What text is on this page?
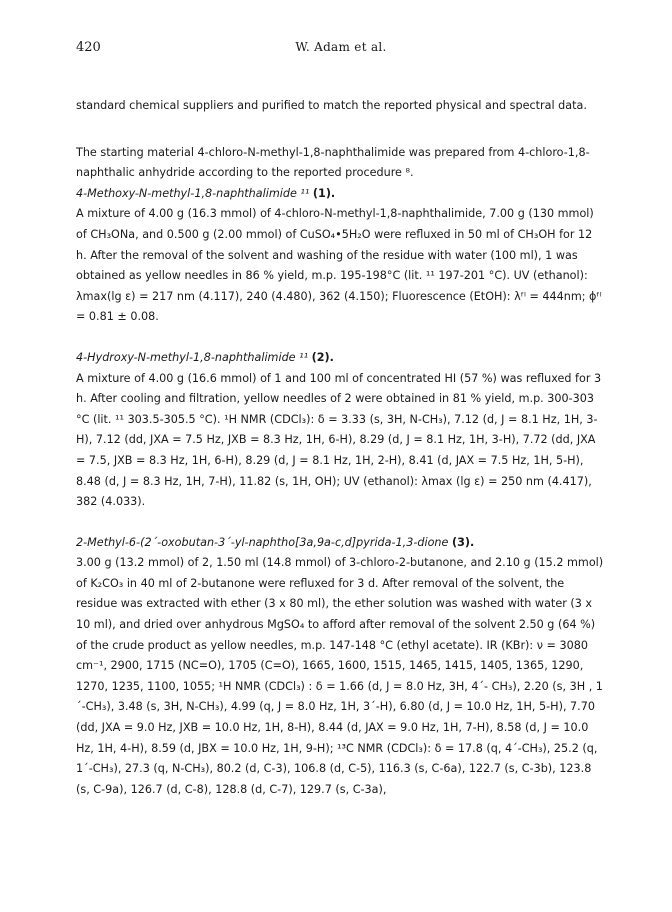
420	W. Adam et al.

standard chemical suppliers and purified to match the reported physical and spectral data.

The starting material 4-chloro-N-methyl-1,8-naphthalimide was prepared from 4-chloro-1,8-naphthalic anhydride according to the reported procedure ⁸.

4-Methoxy-N-methyl-1,8-naphthalimide ¹¹ (1).

A mixture of 4.00 g (16.3 mmol) of 4-chloro-N-methyl-1,8-naphthalimide, 7.00 g (130 mmol) of CH₃ONa, and 0.500 g (2.00 mmol) of CuSO₄•5H₂O were refluxed in 50 ml of CH₃OH for 12 h. After the removal of the solvent and washing of the residue with water (100 ml), 1 was obtained as yellow needles in 86 % yield, m.p. 195-198°C (lit. ¹¹ 197-201 °C). UV (ethanol): λmax(lg ε) = 217 nm (4.117), 240 (4.480), 362 (4.150); Fluorescence (EtOH): λᶠˡ = 444nm; ϕᶠˡ = 0.81 ± 0.08.

4-Hydroxy-N-methyl-1,8-naphthalimide ¹¹ (2).

A mixture of 4.00 g (16.6 mmol) of 1 and 100 ml of concentrated HI (57 %) was refluxed for 3 h. After cooling and filtration, yellow needles of 2 were obtained in 81 % yield, m.p. 300-303 °C (lit. ¹¹ 303.5-305.5 °C). ¹H NMR (CDCl₃): δ = 3.33 (s, 3H, N-CH₃), 7.12 (d, J = 8.1 Hz, 1H, 3-H), 7.12 (dd, JXA = 7.5 Hz, JXB = 8.3 Hz, 1H, 6-H), 8.29 (d, J = 8.1 Hz, 1H, 3-H), 7.72 (dd, JXA = 7.5, JXB = 8.3 Hz, 1H, 6-H), 8.29 (d, J = 8.1 Hz, 1H, 2-H), 8.41 (d, JAX = 7.5 Hz, 1H, 5-H), 8.48 (d, J = 8.3 Hz, 1H, 7-H), 11.82 (s, 1H, OH); UV (ethanol): λmax (lg ε) = 250 nm (4.417), 382 (4.033).

2-Methyl-6-(2´-oxobutan-3´-yl-naphtho[3a,9a-c,d]pyrida-1,3-dione (3).

3.00 g (13.2 mmol) of 2, 1.50 ml (14.8 mmol) of 3-chloro-2-butanone, and 2.10 g (15.2 mmol) of K₂CO₃ in 40 ml of 2-butanone were refluxed for 3 d. After removal of the solvent, the residue was extracted with ether (3 x 80 ml), the ether solution was washed with water (3 x 10 ml), and dried over anhydrous MgSO₄ to afford after removal of the solvent 2.50 g (64 %) of the crude product as yellow needles, m.p. 147-148 °C (ethyl acetate). IR (KBr): ν = 3080 cm⁻¹, 2900, 1715 (NC=O), 1705 (C=O), 1665, 1600, 1515, 1465, 1415, 1405, 1365, 1290, 1270, 1235, 1100, 1055; ¹H NMR (CDCl₃) : δ = 1.66 (d, J = 8.0 Hz, 3H, 4´- CH₃), 2.20 (s, 3H , 1´-CH₃), 3.48 (s, 3H, N-CH₃), 4.99 (q, J = 8.0 Hz, 1H, 3´-H), 6.80 (d, J = 10.0 Hz, 1H, 5-H), 7.70 (dd, JXA = 9.0 Hz, JXB = 10.0 Hz, 1H, 8-H), 8.44 (d, JAX = 9.0 Hz, 1H, 7-H), 8.58 (d, J = 10.0 Hz, 1H, 4-H), 8.59 (d, JBX = 10.0 Hz, 1H, 9-H); ¹³C NMR (CDCl₃): δ = 17.8 (q, 4´-CH₃), 25.2 (q, 1´-CH₃), 27.3 (q, N-CH₃), 80.2 (d, C-3), 106.8 (d, C-5), 116.3 (s, C-6a), 122.7 (s, C-3b), 123.8 (s, C-9a), 126.7 (d, C-8), 128.8 (d, C-7), 129.7 (s, C-3a),
